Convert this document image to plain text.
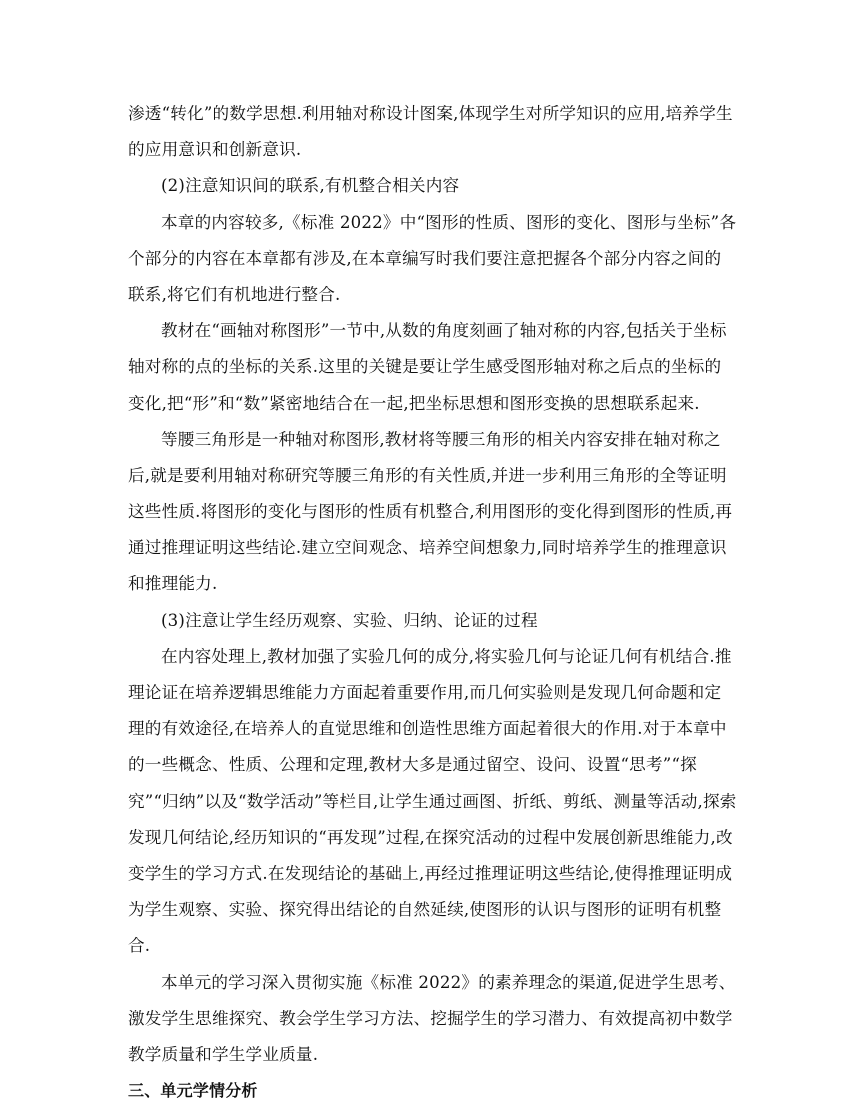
渗透“转化”的数学思想.利用轴对称设计图案,体现学生对所学知识的应用,培养学生
的应用意识和创新意识.
(2)注意知识间的联系,有机整合相关内容
本章的内容较多,《标准 2022》中“图形的性质、图形的变化、图形与坐标”各
个部分的内容在本章都有涉及,在本章编写时我们要注意把握各个部分内容之间的
联系,将它们有机地进行整合.
教材在“画轴对称图形”一节中,从数的角度刻画了轴对称的内容,包括关于坐标
轴对称的点的坐标的关系.这里的关键是要让学生感受图形轴对称之后点的坐标的
变化,把“形”和“数”紧密地结合在一起,把坐标思想和图形变换的思想联系起来.
等腰三角形是一种轴对称图形,教材将等腰三角形的相关内容安排在轴对称之
后,就是要利用轴对称研究等腰三角形的有关性质,并进一步利用三角形的全等证明
这些性质.将图形的变化与图形的性质有机整合,利用图形的变化得到图形的性质,再
通过推理证明这些结论.建立空间观念、培养空间想象力,同时培养学生的推理意识
和推理能力.
(3)注意让学生经历观察、实验、归纳、论证的过程
在内容处理上,教材加强了实验几何的成分,将实验几何与论证几何有机结合.推
理论证在培养逻辑思维能力方面起着重要作用,而几何实验则是发现几何命题和定
理的有效途径,在培养人的直觉思维和创造性思维方面起着很大的作用.对于本章中
的一些概念、性质、公理和定理,教材大多是通过留空、设问、设置“思考”“探
究”“归纳”以及“数学活动”等栏目,让学生通过画图、折纸、剪纸、测量等活动,探索
发现几何结论,经历知识的“再发现”过程,在探究活动的过程中发展创新思维能力,改
变学生的学习方式.在发现结论的基础上,再经过推理证明这些结论,使得推理证明成
为学生观察、实验、探究得出结论的自然延续,使图形的认识与图形的证明有机整
合.
本单元的学习深入贯彻实施《标准 2022》的素养理念的渠道,促进学生思考、
激发学生思维探究、教会学生学习方法、挖掘学生的学习潜力、有效提高初中数学
教学质量和学生学业质量.
三、单元学情分析
